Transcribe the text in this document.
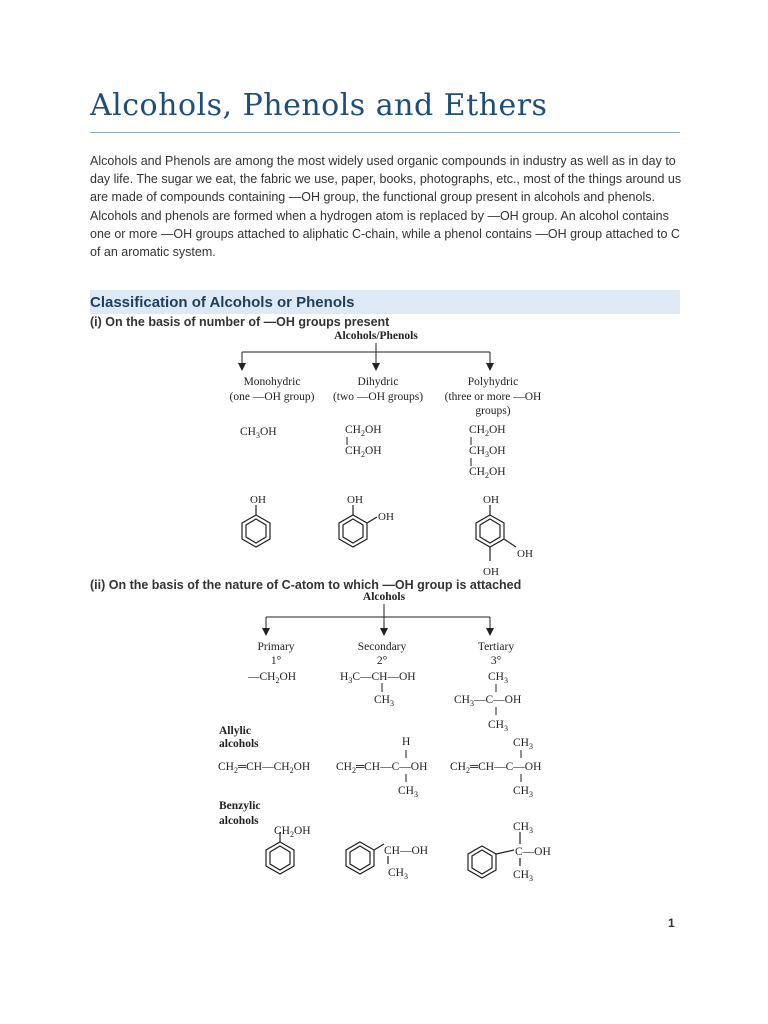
Alcohols, Phenols and Ethers

Alcohols and Phenols are among the most widely used organic compounds in industry as well as in day to day life. The sugar we eat, the fabric we use, paper, books, photographs, etc., most of the things around us are made of compounds containing —OH group, the functional group present in alcohols and phenols.

Alcohols and phenols are formed when a hydrogen atom is replaced by —OH group. An alcohol contains one or more —OH groups attached to aliphatic C-chain, while a phenol contains —OH group attached to C of an aromatic system.

Classification of Alcohols or Phenols
(i) On the basis of number of —OH groups present
Alcohols/Phenols
Monohydric
(one —OH group)
Dihydric
(two —OH groups)
Polyhydric
(three or more —OH
groups)
$CH_3OH$	$CH_2OH$
$CH_2OH$
$CH_2OH$
$CH_3OH$
$CH_2OH$
OH	OH
OH
OH
OH
OH
(ii) On the basis of the nature of C-atom to which —OH group is attached
Alcohols
Primary
1°
Secondary
2°
Tertiary
3°
$—CH_2OH$	$H_3C—CH—OH$
$CH_3$
$CH_3$
$CH_3—C—OH$
$CH_3$
Allylic
alcohols
$CH_2═CH—CH_2OH$
H
$CH_2═CH—C—OH$
$CH_3$
$CH_3$
$CH_2═CH—C—OH$
$CH_3$
Benzylic
alcohols
$CH_2OH$
CH—OH
$CH_3$
$CH_3$
C—OH
$CH_3$
1
